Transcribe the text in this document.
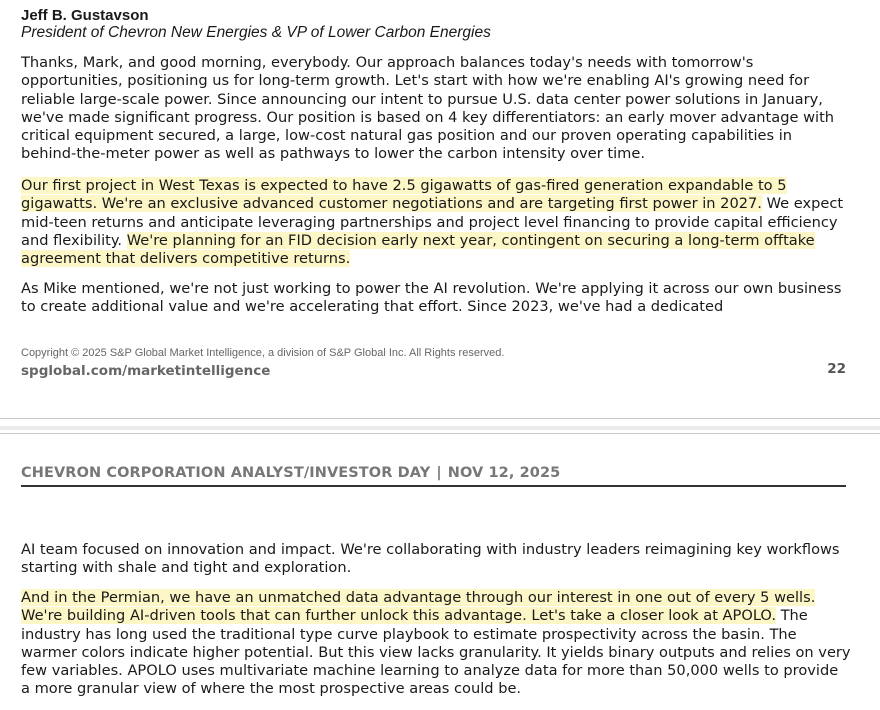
Jeff B. Gustavson
President of Chevron New Energies & VP of Lower Carbon Energies

Thanks, Mark, and good morning, everybody. Our approach balances today's needs with tomorrow's opportunities, positioning us for long-term growth. Let's start with how we're enabling AI's growing need for reliable large-scale power. Since announcing our intent to pursue U.S. data center power solutions in January, we've made significant progress. Our position is based on 4 key differentiators: an early mover advantage with critical equipment secured, a large, low-cost natural gas position and our proven operating capabilities in behind-the-meter power as well as pathways to lower the carbon intensity over time.

Our first project in West Texas is expected to have 2.5 gigawatts of gas-fired generation expandable to 5 gigawatts. We're an exclusive advanced customer negotiations and are targeting first power in 2027. We expect mid-teen returns and anticipate leveraging partnerships and project level financing to provide capital efficiency and flexibility. We're planning for an FID decision early next year, contingent on securing a long-term offtake agreement that delivers competitive returns.

As Mike mentioned, we're not just working to power the AI revolution. We're applying it across our own business to create additional value and we're accelerating that effort. Since 2023, we've had a dedicated

Copyright © 2025 S&P Global Market Intelligence, a division of S&P Global Inc. All Rights reserved.
spglobal.com/marketintelligence	22
CHEVRON CORPORATION ANALYST/INVESTOR DAY | NOV 12, 2025

AI team focused on innovation and impact. We're collaborating with industry leaders reimagining key workflows starting with shale and tight and exploration.

And in the Permian, we have an unmatched data advantage through our interest in one out of every 5 wells. We're building AI-driven tools that can further unlock this advantage. Let's take a closer look at APOLO. The industry has long used the traditional type curve playbook to estimate prospectivity across the basin. The warmer colors indicate higher potential. But this view lacks granularity. It yields binary outputs and relies on very few variables. APOLO uses multivariate machine learning to analyze data for more than 50,000 wells to provide a more granular view of where the most prospective areas could be.
